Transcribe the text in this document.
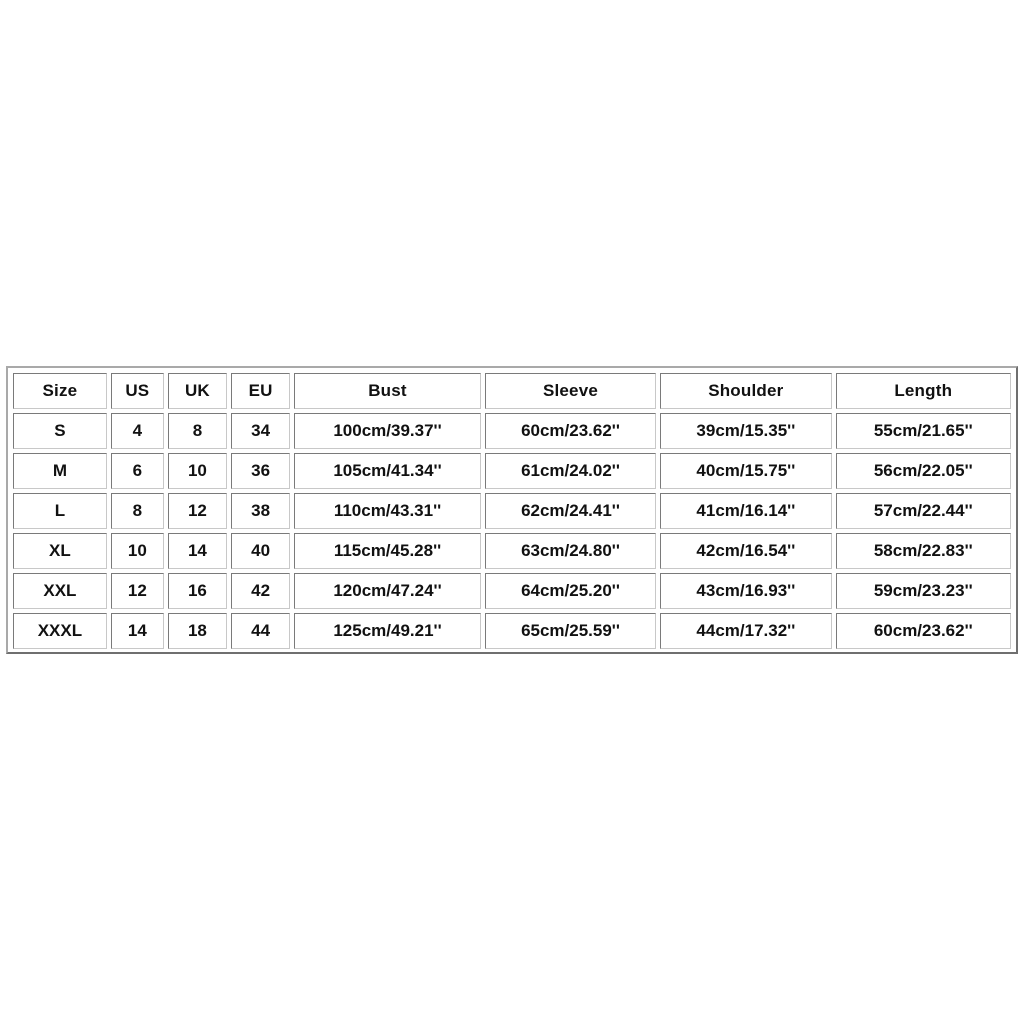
Size	US	UK	EU	Bust	Sleeve	Shoulder	Length
S	4	8	34	100cm/39.37''	60cm/23.62''	39cm/15.35''	55cm/21.65''
M	6	10	36	105cm/41.34''	61cm/24.02''	40cm/15.75''	56cm/22.05''
L	8	12	38	110cm/43.31''	62cm/24.41''	41cm/16.14''	57cm/22.44''
XL	10	14	40	115cm/45.28''	63cm/24.80''	42cm/16.54''	58cm/22.83''
XXL	12	16	42	120cm/47.24''	64cm/25.20''	43cm/16.93''	59cm/23.23''
XXXL	14	18	44	125cm/49.21''	65cm/25.59''	44cm/17.32''	60cm/23.62''
